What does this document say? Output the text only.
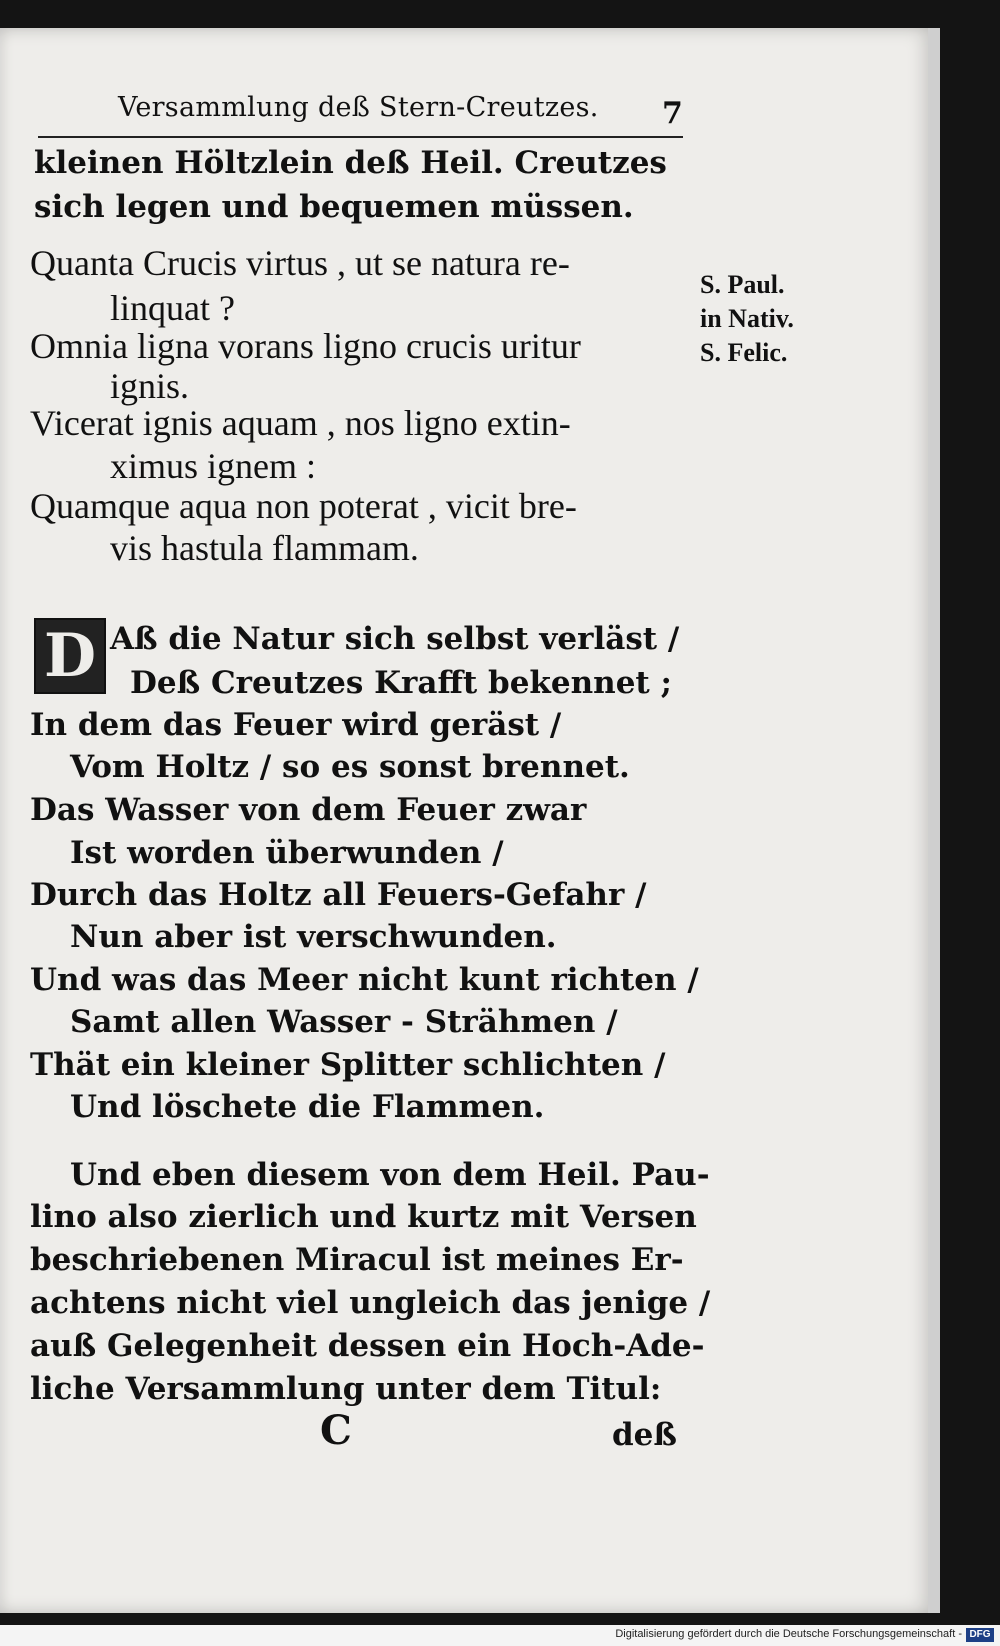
Versammlung deß Stern-Creutzes.	7
kleinen Höltzlein deß Heil. Creutzes
sich legen und bequemen müssen.
Quanta Crucis virtus , ut se natura re-
linquat ?
Omnia ligna vorans ligno crucis uritur
ignis.
Vicerat ignis aquam , nos ligno extin-
ximus ignem :
Quamque aqua non poterat , vicit bre-
vis hastula flammam.
S. Paul.
in Nativ.
S. Felic.
D Aß die Natur sich selbst verläst /
Deß Creutzes Krafft bekennet ;
In dem das Feuer wird geräst /
Vom Holtz / so es sonst brennet.
Das Wasser von dem Feuer zwar
Ist worden überwunden /
Durch das Holtz all Feuers-Gefahr /
Nun aber ist verschwunden.
Und was das Meer nicht kunt richten /
Samt allen Wasser - Strähmen /
Thät ein kleiner Splitter schlichten /
Und löschete die Flammen.
Und eben diesem von dem Heil. Pau-
lino also zierlich und kurtz mit Versen
beschriebenen Miracul ist meines Er-
achtens nicht viel ungleich das jenige /
auß Gelegenheit dessen ein Hoch-Ade-
liche Versammlung unter dem Titul:
C	deß
Digitalisierung gefördert durch die Deutsche Forschungsgemeinschaft - DFG
